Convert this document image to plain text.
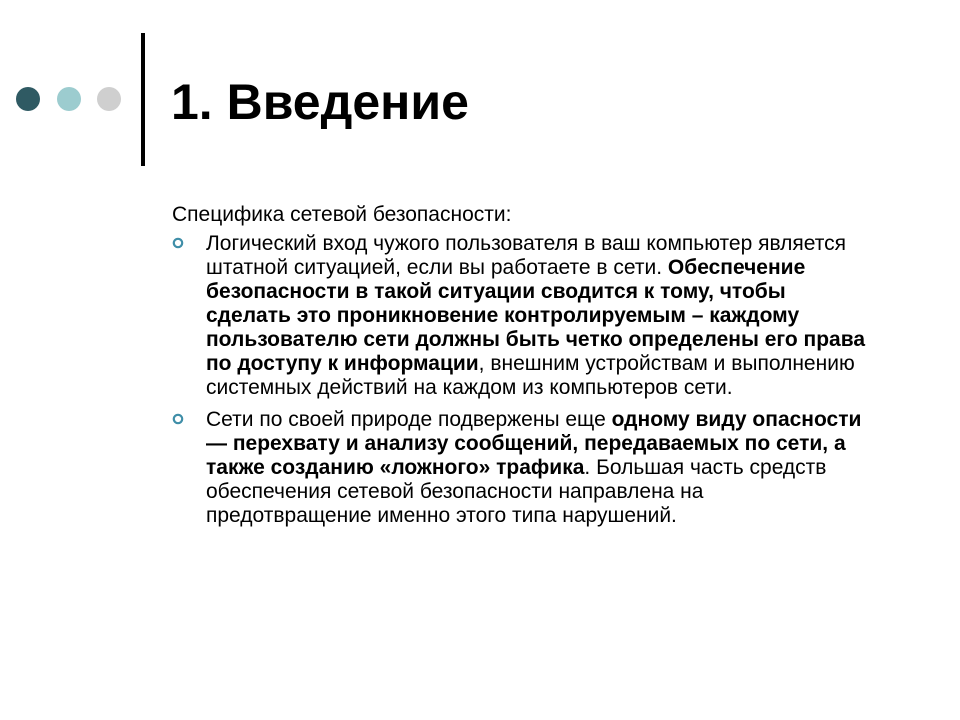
1. Введение
Специфика сетевой безопасности:
Логический вход чужого пользователя в ваш компьютер является штатной ситуацией, если вы работаете в сети. Обеспечение безопасности в такой ситуации сводится к тому, чтобы сделать это проникновение контролируемым – каждому пользователю сети должны быть четко определены его права по доступу к информации, внешним устройствам и выполнению системных действий на каждом из компьютеров сети.
Сети по своей природе подвержены еще одному виду опасности — перехвату и анализу сообщений, передаваемых по сети, а также созданию «ложного» трафика. Большая часть средств обеспечения сетевой безопасности направлена на предотвращение именно этого типа нарушений.
